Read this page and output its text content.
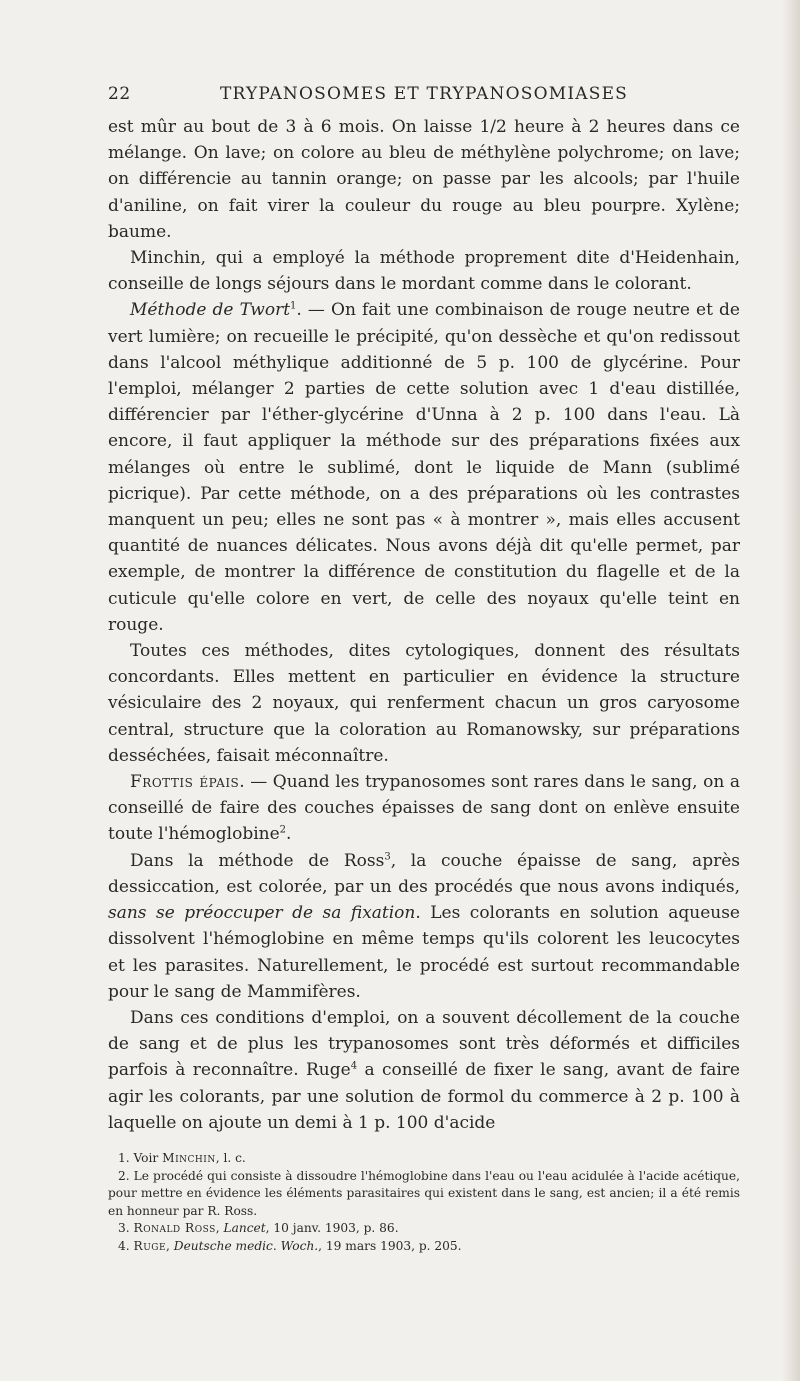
22	TRYPANOSOMES ET TRYPANOSOMIASES

est mûr au bout de 3 à 6 mois. On laisse 1/2 heure à 2 heures dans ce mélange. On lave; on colore au bleu de méthylène polychrome; on lave; on différencie au tannin orange; on passe par les alcools; par l'huile d'aniline, on fait virer la couleur du rouge au bleu pourpre. Xylène; baume.

Minchin, qui a employé la méthode proprement dite d'Heidenhain, conseille de longs séjours dans le mordant comme dans le colorant.

Méthode de Twort$^1$. — On fait une combinaison de rouge neutre et de vert lumière; on recueille le précipité, qu'on dessèche et qu'on redissout dans l'alcool méthylique additionné de 5 p. 100 de glycérine. Pour l'emploi, mélanger 2 parties de cette solution avec 1 d'eau distillée, différencier par l'éther-glycérine d'Unna à 2 p. 100 dans l'eau. Là encore, il faut appliquer la méthode sur des préparations fixées aux mélanges où entre le sublimé, dont le liquide de Mann (sublimé picrique). Par cette méthode, on a des préparations où les contrastes manquent un peu; elles ne sont pas « à montrer », mais elles accusent quantité de nuances délicates. Nous avons déjà dit qu'elle permet, par exemple, de montrer la différence de constitution du flagelle et de la cuticule qu'elle colore en vert, de celle des noyaux qu'elle teint en rouge.

Toutes ces méthodes, dites cytologiques, donnent des résultats concordants. Elles mettent en particulier en évidence la structure vésiculaire des 2 noyaux, qui renferment chacun un gros caryosome central, structure que la coloration au Romanowsky, sur préparations desséchées, faisait méconnaître.

Frottis épais. — Quand les trypanosomes sont rares dans le sang, on a conseillé de faire des couches épaisses de sang dont on enlève ensuite toute l'hémoglobine$^2$.

Dans la méthode de Ross$^3$, la couche épaisse de sang, après dessiccation, est colorée, par un des procédés que nous avons indiqués, sans se préoccuper de sa fixation. Les colorants en solution aqueuse dissolvent l'hémoglobine en même temps qu'ils colorent les leucocytes et les parasites. Naturellement, le procédé est surtout recommandable pour le sang de Mammifères.

Dans ces conditions d'emploi, on a souvent décollement de la couche de sang et de plus les trypanosomes sont très déformés et difficiles parfois à reconnaître. Ruge$^4$ a conseillé de fixer le sang, avant de faire agir les colorants, par une solution de formol du commerce à 2 p. 100 à laquelle on ajoute un demi à 1 p. 100 d'acide

1. Voir Minchin, l. c.

2. Le procédé qui consiste à dissoudre l'hémoglobine dans l'eau ou l'eau acidulée à l'acide acétique, pour mettre en évidence les éléments parasitaires qui existent dans le sang, est ancien; il a été remis en honneur par R. Ross.

3. Ronald Ross, Lancet, 10 janv. 1903, p. 86.

4. Ruge, Deutsche medic. Woch., 19 mars 1903, p. 205.
